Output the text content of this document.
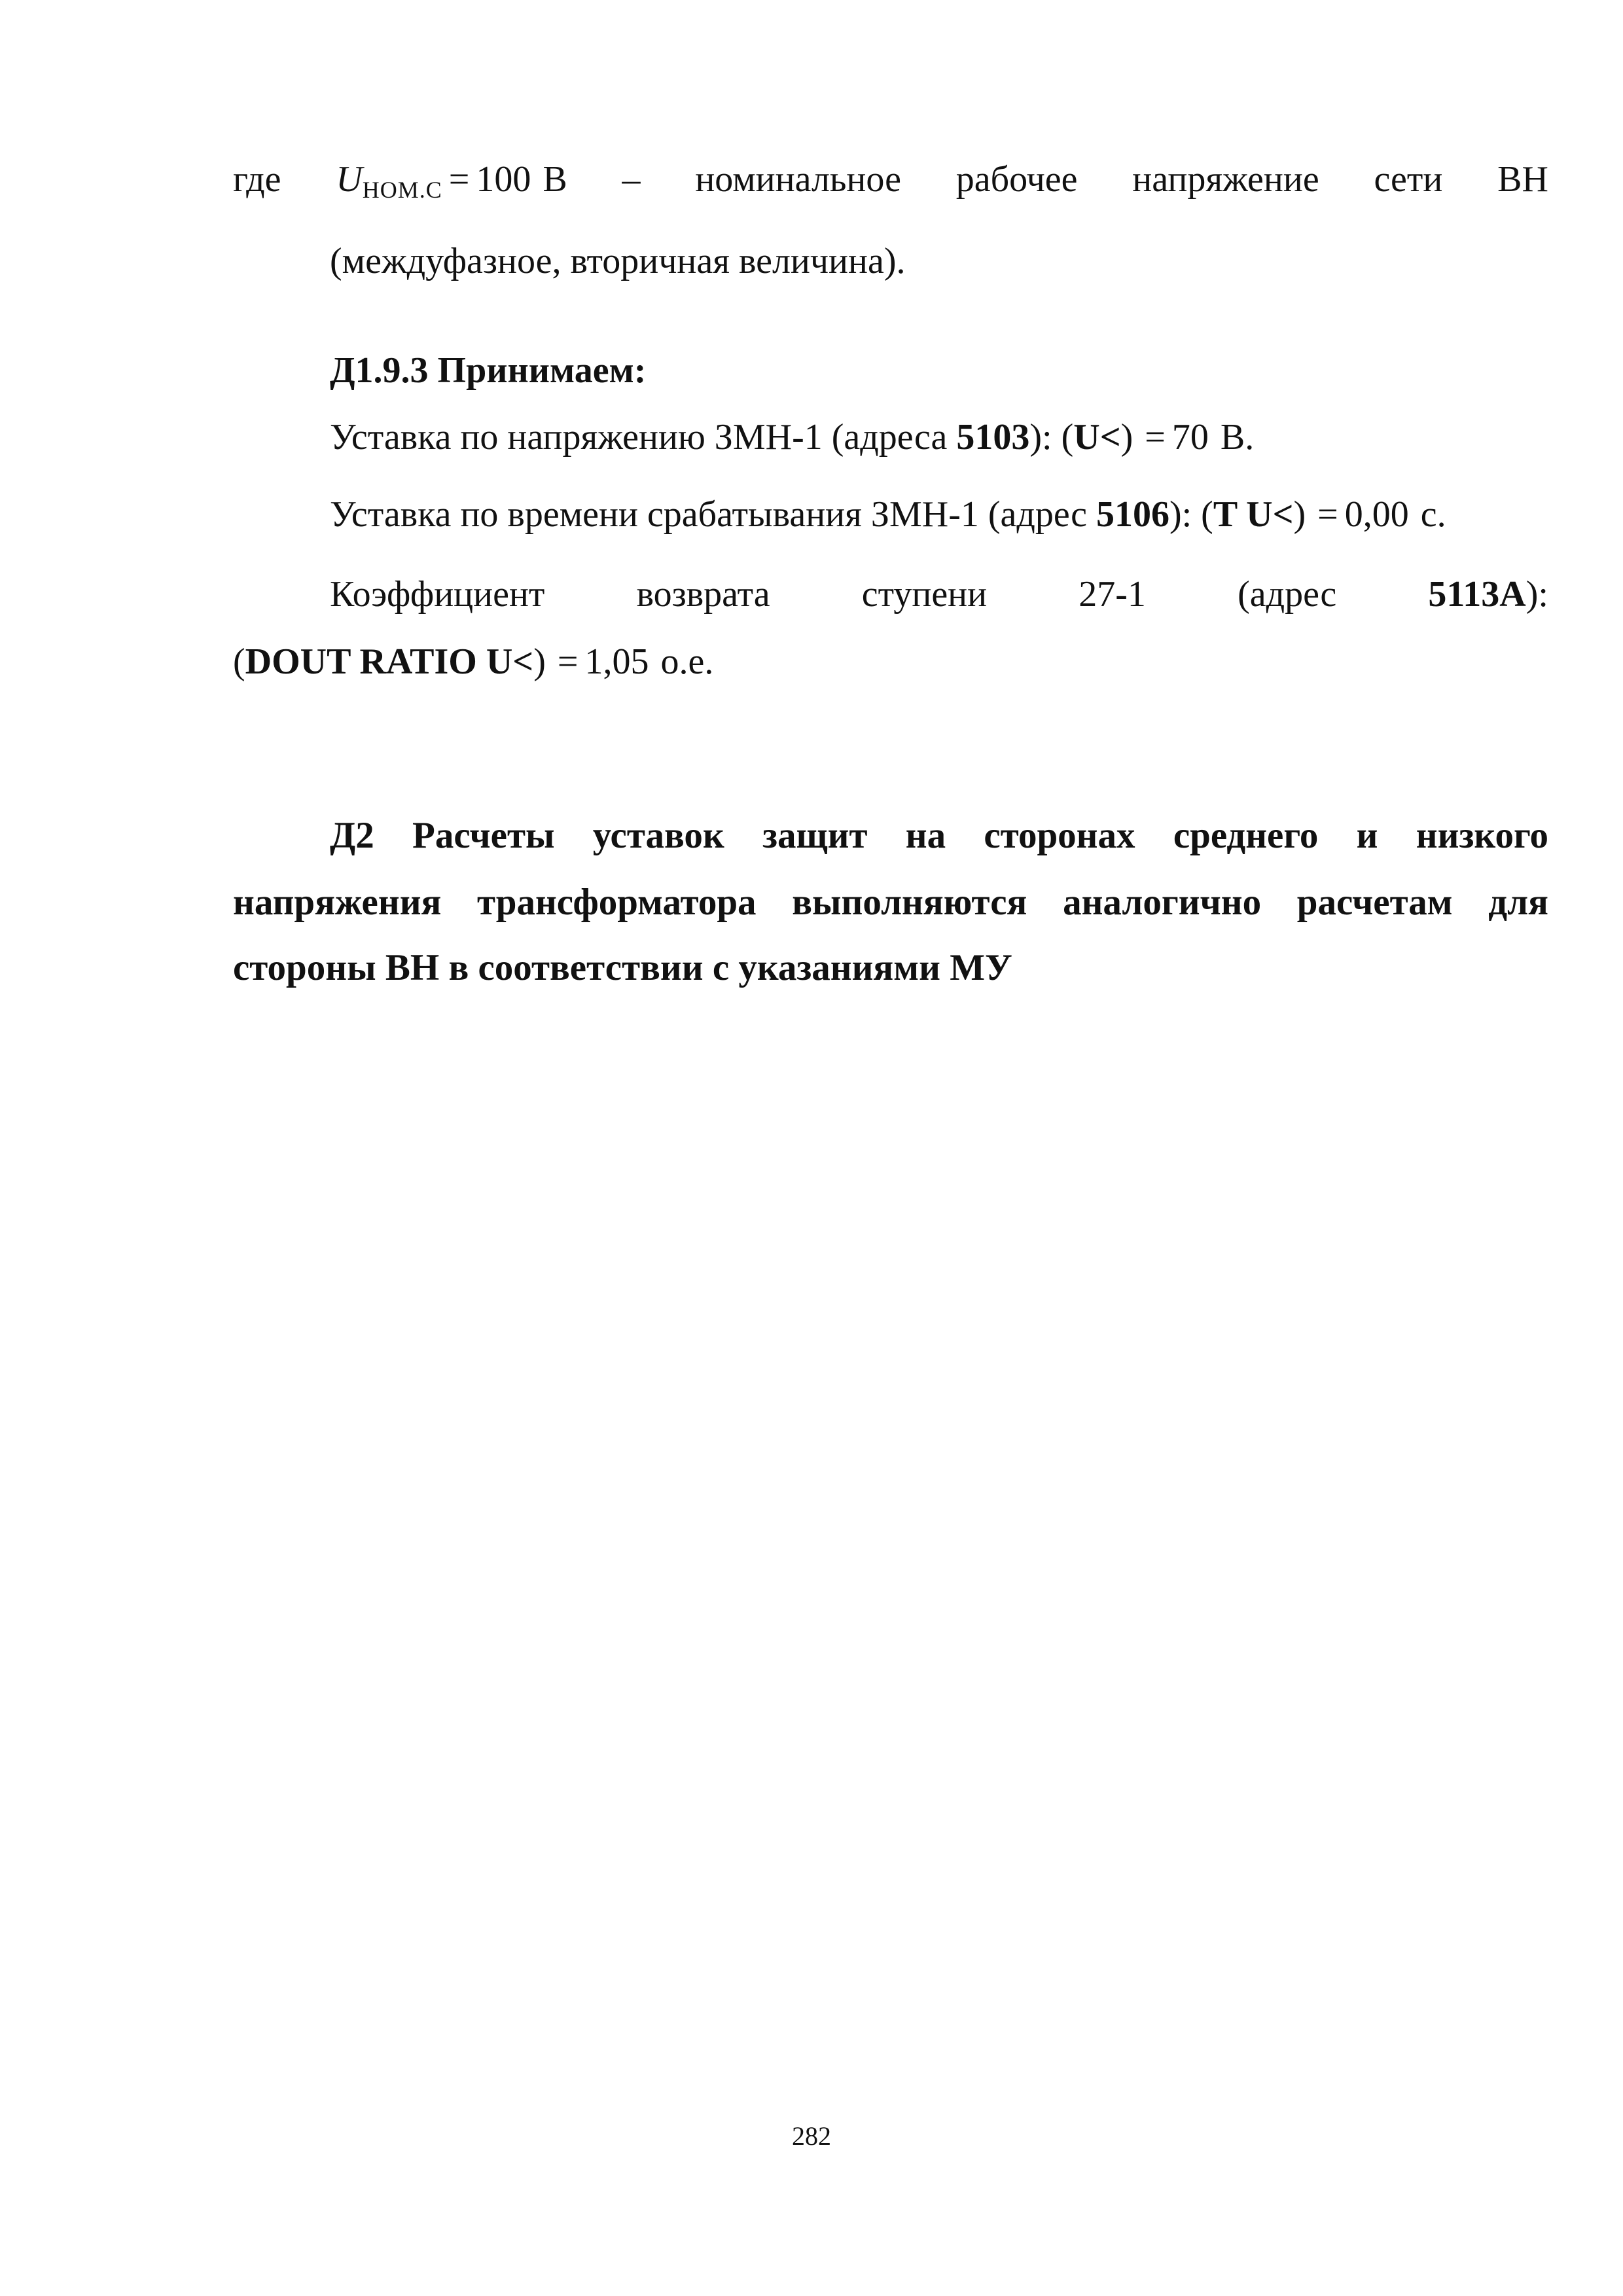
где $U_{НОМ.С} = 100$ В – номинальное рабочее напряжение сети ВН
(междуфазное, вторичная величина).
Д1.9.3 Принимаем:
Уставка по напряжению ЗМН-1 (адреса 5103): (U<) = 70 В.
Уставка по времени срабатывания ЗМН-1 (адрес 5106): (T U<) = 0,00 с.
Коэффициент	возврата	ступени	27-1	(адрес	5113A):
(DOUT RATIO U<) = 1,05 о.е.
Д2 Расчеты уставок защит на сторонах среднего и низкого
напряжения трансформатора выполняются аналогично расчетам для
стороны ВН в соответствии с указаниями МУ
282
